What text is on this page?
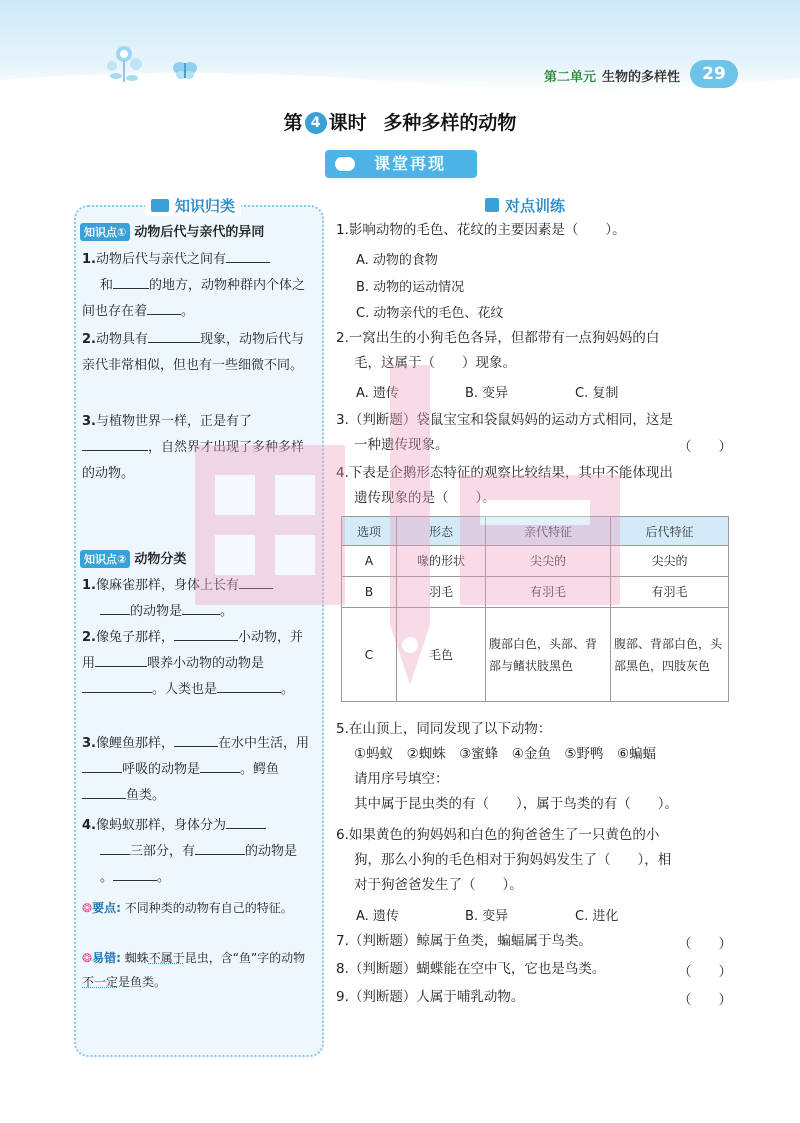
第二单元 生物的多样性	29
第 4 课时 多种多样的动物
课堂再现
知识归类
知识点① 动物后代与亲代的异同
1.动物后代与亲代之间有
和	的地方，动物种群内个体之间也存在着	。
2.动物具有	现象，动物后代与亲代非常相似，但也有一些细微不同。
3.与植物世界一样，正是有了，自然界才出现了多种多样的动物。
知识点② 动物分类
1.像麻雀那样，身体上长有
的动物是	。
2.像兔子那样，	小动物，并用	喂养小动物的动物是。人类也是	。
3.像鲤鱼那样，	在水中生活，用呼吸的动物是	。鳄鱼鱼类。
4.像蚂蚁那样，身体分为
三部分，有	的动物是
。	。
❂要点: 不同种类的动物有自己的特征。
❂易错: 蜘蛛不属于昆虫，含“鱼”字的动物不一定是鱼类。
对点训练
1.影响动物的毛色、花纹的主要因素是（　　）。
A. 动物的食物
B. 动物的运动情况
C. 动物亲代的毛色、花纹
2.一窝出生的小狗毛色各异，但都带有一点狗妈妈的白
毛，这属于（　　）现象。
A. 遗传	B. 变异	C. 复制
3.（判断题）袋鼠宝宝和袋鼠妈妈的运动方式相同，这是
一种遗传现象。	（　　）
4.下表是企鹅形态特征的观察比较结果，其中不能体现出
遗传现象的是（　　）。
选项	形态	亲代特征	后代特征
A	喙的形状	尖尖的	尖尖的
B	羽毛	有羽毛	有羽毛
C	毛色	腹部白色，头部、背部与鳍状肢黑色	腹部、背部白色，头部黑色，四肢灰色
5.在山顶上，同同发现了以下动物：
①蚂蚁　②蜘蛛　③蜜蜂　④金鱼　⑤野鸭　⑥蝙蝠
请用序号填空：
其中属于昆虫类的有（　　），属于鸟类的有（　　）。
6.如果黄色的狗妈妈和白色的狗爸爸生了一只黄色的小
狗，那么小狗的毛色相对于狗妈妈发生了（　　），相
对于狗爸爸发生了（　　）。
A. 遗传	B. 变异	C. 进化
7.（判断题）鲸属于鱼类，蝙蝠属于鸟类。	（　　）
8.（判断题）蝴蝶能在空中飞，它也是鸟类。	（　　）
9.（判断题）人属于哺乳动物。	（　　）
